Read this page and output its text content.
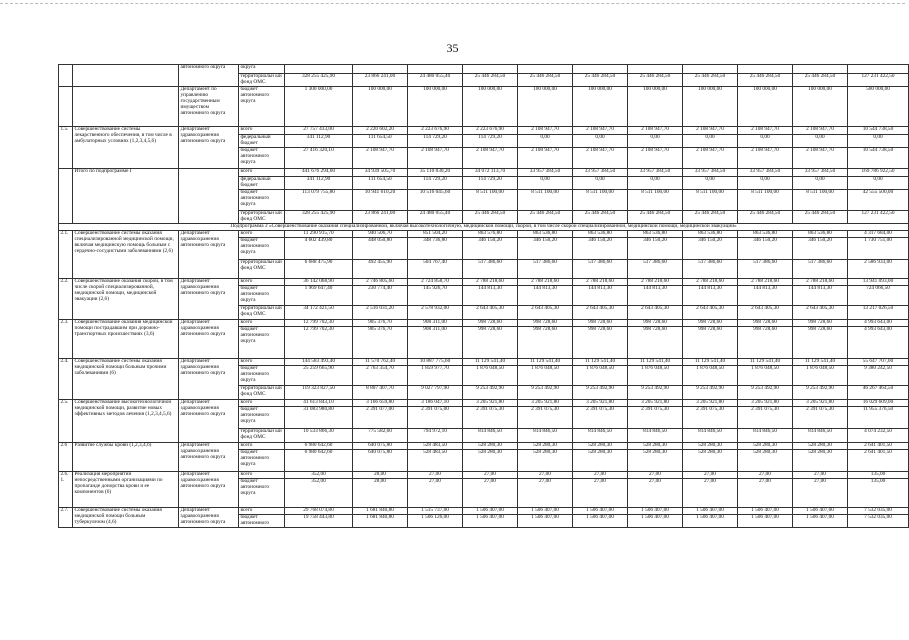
35
		автономного округа	округа											
			территориальн ый фонд ОМС	328 255 425,90	23 866 241,00	24 480 055,40	25 446 284,50	25 446 284,50	25 446 284,50	25 446 284,50	25 446 284,50	25 446 284,50	25 446 284,50	127 231 422,50
		Департамент по управлению государственным имуществом автономного округа	бюджет автономного округа	1 300 000,00	100 000,00	100 000,00	100 000,00	100 000,00	100 000,00	100 000,00	100 000,00	100 000,00	100 000,00	500 000,00
1.5.	Совершенствование системы лекарственного обеспечения, в том числе в амбулаторных условиях (1,2,3,4,5,6)	Департамент здравоохранения автономного округа	всего	27 757 433,00	2 220 602,20	2 223 676,90	2 223 676,90	2 108 947,70	2 108 947,70	2 108 947,70	2 108 947,70	2 108 947,70	2 108 947,70	10 544 738,50
			федеральный бюджет	341 112,90	111 654,50	114 729,20	114 729,20	0,00	0,00	0,00	0,00	0,00	0,00	0,00
			бюджет автономного округа	27 416 320,10	2 108 947,70	2 108 947,70	2 108 947,70	2 108 947,70	2 108 947,70	2 108 947,70	2 108 947,70	2 108 947,70	2 108 947,70	10 544 738,50
	Итого по подпрограмме I		всего	441 676 294,60	34 939 505,70	35 110 830,20	34 072 113,70	33 957 384,50	33 957 384,50	33 957 384,50	33 957 384,50	33 957 384,50	33 957 384,50	169 786 922,50
			федеральный бюджет	341 112,90	111 654,50	114 729,20	114 729,20	0,00	0,00	0,00	0,00	0,00	0,00	0,00
			бюджет автономного округа	113 079 755,80	10 941 610,20	10 516 045,60	8 511 100,00	8 511 100,00	8 511 100,00	8 511 100,00	8 511 100,00	8 511 100,00	8 511 100,00	42 555 500,00
			территориальн ый фонд ОМС	328 255 425,90	23 866 241,00	24 480 055,40	25 446 284,50	25 446 284,50	25 446 284,50	25 446 284,50	25 446 284,50	25 446 284,50	25 446 284,50	127 231 422,50
Подпрограмма 2 «Совершенствование оказания специализированной, включая высокотехнологичную, медицинской помощи, скорой, в том числе скорой специализированной, медицинской помощи, медицинской эвакуации»														
2.1.	Совершенствование системы оказания специализированной медицинской помощи, включая медицинскую помощь больным с сердечно-сосудистыми заболеваниями (2,6)	Департамент здравоохранения автономного округа	всего	11 290 915,70	940 506,70	851 504,20	863 576,80	863 536,80	863 536,80	863 536,80	863 536,80	863 536,80	863 536,80	4 317 684,00
			бюджет автономного округа	4 602 439,80	448 050,80	348 736,80	346 150,20	346 150,20	346 150,20	346 150,20	346 150,20	346 150,20	346 150,20	1 730 751,00
			территориальн ый фонд ОМС	6 688 475,90	492 455,90	504 767,40	517 386,60	517 386,60	517 386,60	517 386,60	517 386,60	517 386,60	517 386,60	2 586 933,00
2.2.	Совершенствование оказания скорой, в том числе скорой специализированной, медицинской помощи, медицинской эвакуации (2,6)	Департамент здравоохранения автономного округа	всего	36 142 068,90	2 746 805,60	2 724 858,70	2 788 218,60	2 788 218,60	2 788 218,60	2 788 218,60	2 788 218,60	2 788 218,60	2 788 218,60	13 941 093,00
			бюджет автономного округа	1 969 647,40	230 774,40	145 926,70	144 813,30	144 813,30	144 813,30	144 813,30	144 813,30	144 813,30	144 813,30	724 066,50
			территориальн ый фонд ОМС	34 172 421,50	2 516 031,20	2 578 932,00	2 643 405,30	2 643 405,30	2 643 405,30	2 643 405,30	2 643 405,30	2 643 405,30	2 643 405,30	13 217 026,50
2.3.	Совершенствование оказания медицинской помощи пострадавшим при дорожно-транспортных происшествиях (3,6)	Департамент здравоохранения автономного округа	всего	12 799 702,30	905 376,70	908 311,00	998 728,60	998 728,60	998 728,60	998 728,60	998 728,60	998 728,60	998 728,60	4 993 643,00
			бюджет автономного округа	12 799 702,30	905 376,70	908 311,00	998 728,60	998 728,60	998 728,60	998 728,60	998 728,60	998 728,60	998 728,60	4 993 643,00
2.4.	Совершенствование системы оказания медицинской помощи больным прочими заболеваниями (6)	Департамент здравоохранения автономного округа	всего	144 583 493,40	11 570 762,40	10 887 775,60	11 129 541,40	11 129 541,40	11 129 541,40	11 129 541,40	11 129 541,40	11 129 541,40	11 129 541,40	55 647 707,00
			бюджет автономного округа	25 259 665,90	2 763 354,70	1 859 977,70	1 876 048,50	1 876 048,50	1 876 048,50	1 876 048,50	1 876 048,50	1 876 048,50	1 876 048,50	9 380 242,50
			территориальн ый фонд ОМС	119 323 827,50	8 807 407,70	9 027 797,90	9 253 492,90	9 253 492,90	9 253 492,90	9 253 492,90	9 253 492,90	9 253 492,90	9 253 492,90	46 267 464,50
2.5.	Совершенствование высокотехнологичной медицинской помощи, развитие новых эффективных методов лечения (1,2,3,4,5,6)	Департамент здравоохранения автономного округа	всего	41 613 843,10	3 166 659,80	3 186 047,10	3 205 921,80	3 205 921,80	3 205 921,80	3 205 921,80	3 205 921,80	3 205 921,80	3 205 921,80	16 029 609,00
			бюджет автономного округа	31 083 980,80	2 391 077,00	2 391 075,00	2 391 075,30	2 391 075,30	2 391 075,30	2 391 075,30	2 391 075,30	2 391 075,30	2 391 075,30	11 955 376,50
			территориальн ый фонд ОМС	10 533 866,30	775 582,60	794 972,10	814 846,50	814 846,50	814 846,50	814 846,50	814 846,50	814 846,50	814 846,50	4 074 232,50
2.6	Развитие службы крови (1,2,3,4,6)	Департамент здравоохранения автономного округа	всего	6 980 642,60	640 075,80	528 483,50	528 280,30	528 280,30	528 280,30	528 280,30	528 280,30	528 280,30	528 280,30	2 641 401,50
			бюджет автономного округа	6 980 642,60	640 075,80	528 483,50	528 280,30	528 280,30	528 280,30	528 280,30	528 280,30	528 280,30	528 280,30	2 641 401,50
2.6.1.	Реализация мероприятий непосредственными организациями по пропаганде донорства крови и ее компонентов (6)	Департамент здравоохранения автономного округа	всего	352,00	28,00	27,00	27,00	27,00	27,00	27,00	27,00	27,00	27,00	135,00
			бюджет автономного округа	352,00	28,00	27,00	27,00	27,00	27,00	27,00	27,00	27,00	27,00	135,00
2.7.	Совершенствование системы оказания медицинской помощи больным туберкулезом (4,6)	Департамент здравоохранения автономного округа	всего	29 768 074,80	1 681 840,80	1 515 737,00	1 506 407,00	1 506 407,00	1 506 407,00	1 506 407,00	1 506 407,00	1 506 407,00	1 506 407,00	7 532 035,00
			бюджет автономного	19 758 443,80	1 681 840,80	1 506 126,00	1 506 407,00	1 506 407,00	1 506 407,00	1 506 407,00	1 506 407,00	1 506 407,00	1 506 407,00	7 532 035,00
